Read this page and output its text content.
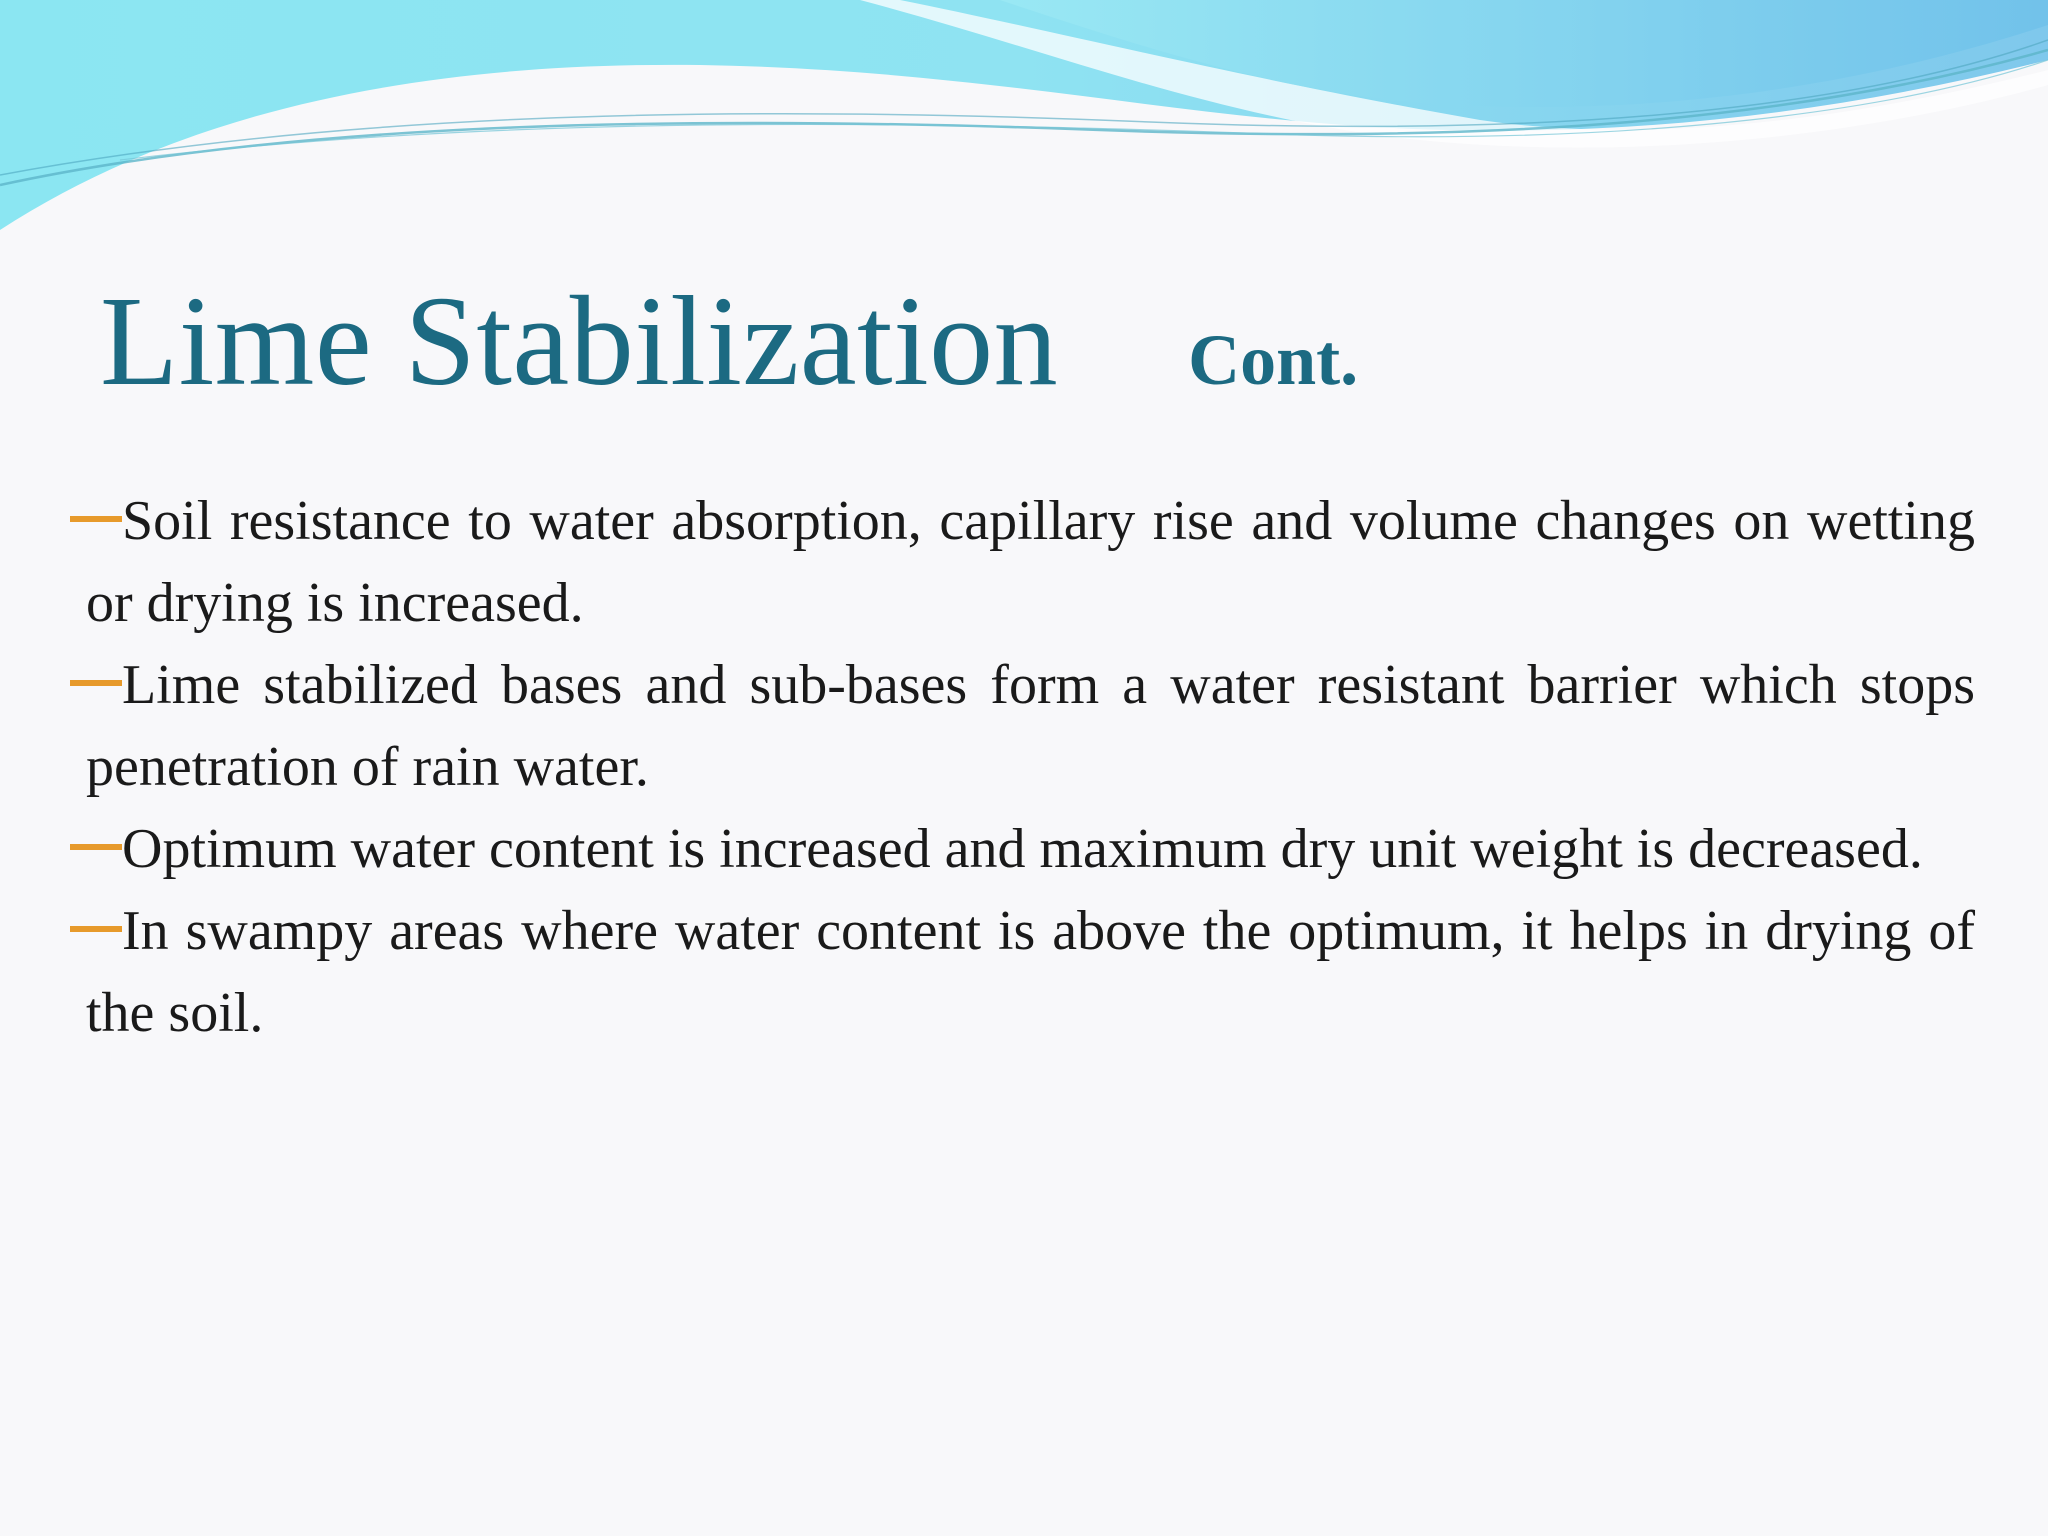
Lime Stabilization Cont.
Soil resistance to water absorption, capillary rise and volume changes on wetting or drying is increased.
Lime stabilized bases and sub-bases form a water resistant barrier which stops penetration of rain water.
Optimum water content is increased and maximum dry unit weight is decreased.
In swampy areas where water content is above the optimum, it helps in drying of the soil.
